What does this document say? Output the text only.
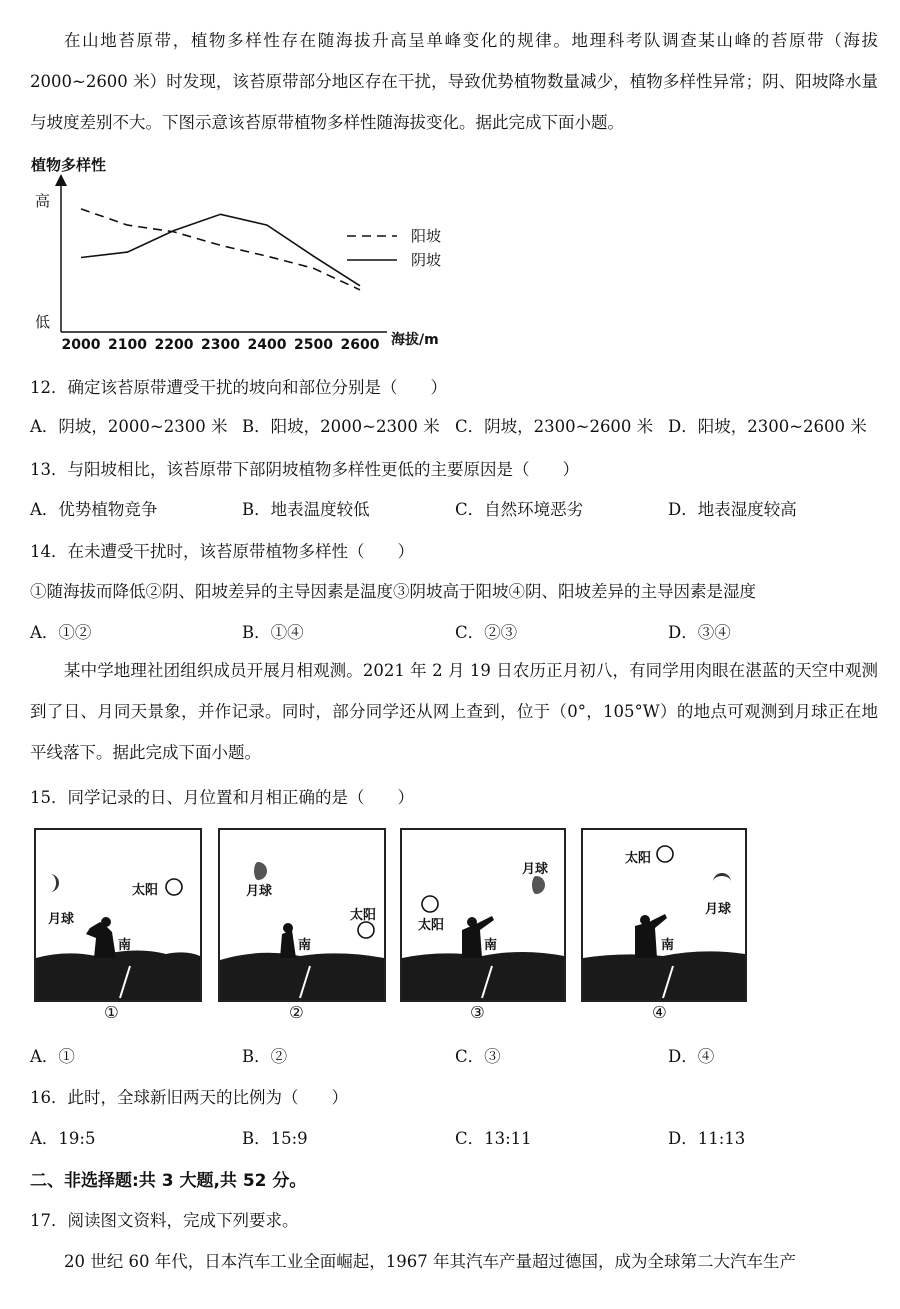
在山地苔原带，植物多样性存在随海拔升高呈单峰变化的规律。地理科考队调查某山峰的苔原带（海拔 2000~2600 米）时发现，该苔原带部分地区存在干扰，导致优势植物数量减少，植物多样性异常；阴、阳坡降水量与坡度差别不大。下图示意该苔原带植物多样性随海拔变化。据此完成下面小题。

植物多样性
高
低
2000 2100 2200 2300 2400 2500 2600 海拔/m
阳坡
阴坡

12．确定该苔原带遭受干扰的坡向和部位分别是（　　）

A．阴坡，2000~2300 米 B．阳坡，2000~2300 米 C．阴坡，2300~2600 米 D．阳坡，2300~2600 米

13．与阳坡相比，该苔原带下部阴坡植物多样性更低的主要原因是（　　）

A．优势植物竞争	B．地表温度较低	C．自然环境恶劣	D．地表湿度较高

14．在未遭受干扰时，该苔原带植物多样性（　　）

①随海拔而降低②阴、阳坡差异的主导因素是温度③阴坡高于阳坡④阴、阳坡差异的主导因素是湿度

A．①②	B．①④	C．②③	D．③④

某中学地理社团组织成员开展月相观测。2021 年 2 月 19 日农历正月初八，有同学用肉眼在湛蓝的天空中观测到了日、月同天景象，并作记录。同时，部分同学还从网上查到，位于（0°，105°W）的地点可观测到月球正在地平线落下。据此完成下面小题。

15．同学记录的日、月位置和月相正确的是（　　）

月球
太阳
南
①
月球
太阳
南
②
月球
太阳
南
③
月球
太阳
南
④
A．①	B．②	C．③	D．④

16．此时，全球新旧两天的比例为（　　）

A．19:5	B．15:9	C．13:11	D．11:13

二、非选择题:共 3 大题,共 52 分。

17．阅读图文资料，完成下列要求。

20 世纪 60 年代，日本汽车工业全面崛起，1967 年其汽车产量超过德国，成为全球第二大汽车生产
